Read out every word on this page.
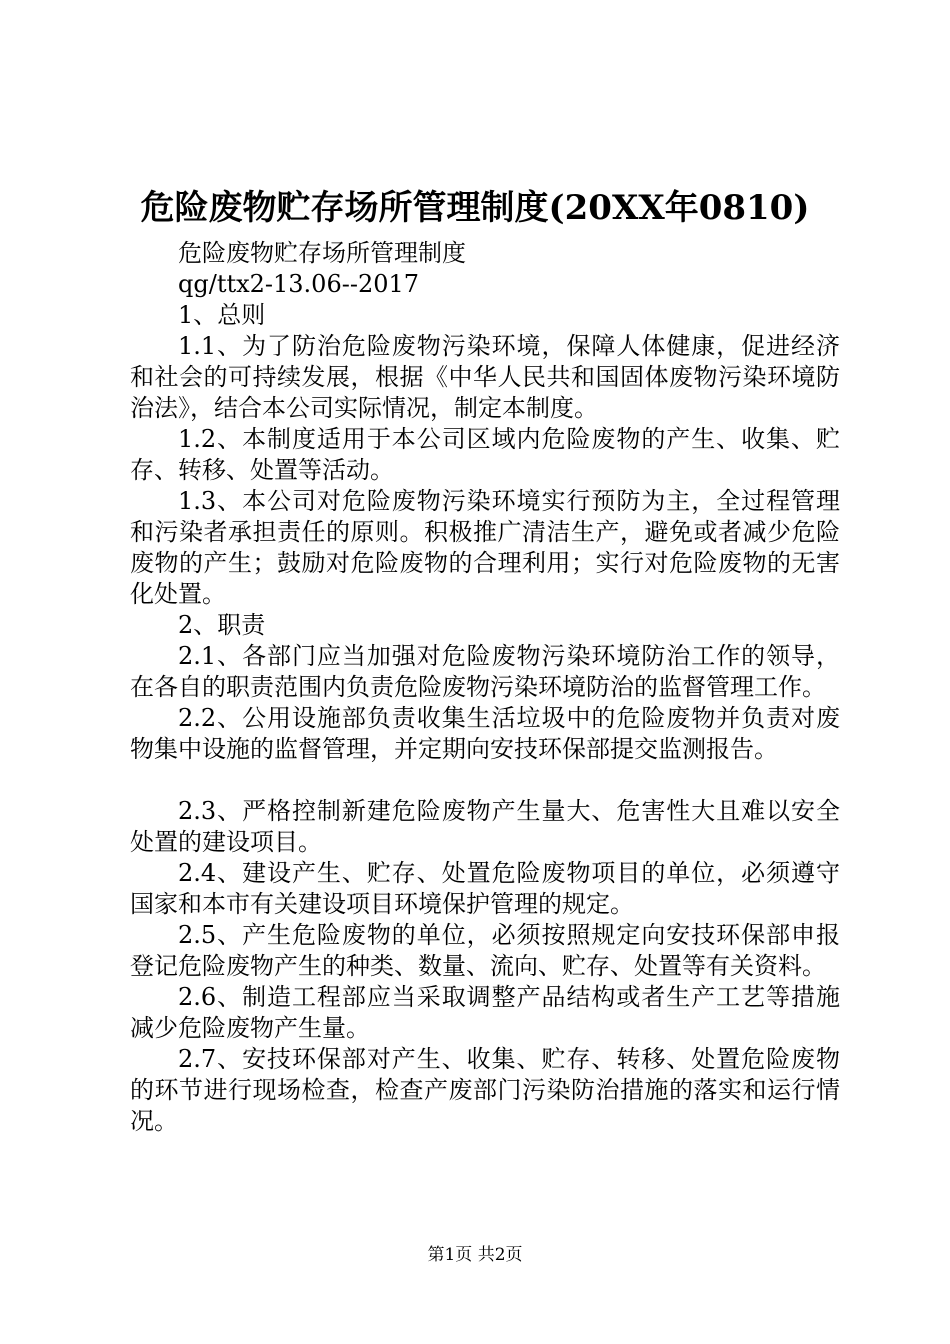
危险废物贮存场所管理制度(20XX年0810)

危险废物贮存场所管理制度

qg/ttx2-13.06--2017

1、总则

1.1、为了防治危险废物污染环境，保障人体健康，促进经济和社会的可持续发展，根据《中华人民共和国固体废物污染环境防治法》，结合本公司实际情况，制定本制度。

1.2、本制度适用于本公司区域内危险废物的产生、收集、贮存、转移、处置等活动。

1.3、本公司对危险废物污染环境实行预防为主，全过程管理和污染者承担责任的原则。积极推广清洁生产，避免或者减少危险废物的产生；鼓励对危险废物的合理利用；实行对危险废物的无害化处置。

2、职责

2.1、各部门应当加强对危险废物污染环境防治工作的领导，在各自的职责范围内负责危险废物污染环境防治的监督管理工作。

2.2、公用设施部负责收集生活垃圾中的危险废物并负责对废物集中设施的监督管理，并定期向安技环保部提交监测报告。

2.3、严格控制新建危险废物产生量大、危害性大且难以安全处置的建设项目。

2.4、建设产生、贮存、处置危险废物项目的单位，必须遵守国家和本市有关建设项目环境保护管理的规定。

2.5、产生危险废物的单位，必须按照规定向安技环保部申报登记危险废物产生的种类、数量、流向、贮存、处置等有关资料。

2.6、制造工程部应当采取调整产品结构或者生产工艺等措施减少危险废物产生量。

2.7、安技环保部对产生、收集、贮存、转移、处置危险废物的环节进行现场检查，检查产废部门污染防治措施的落实和运行情况。

第1页 共2页
